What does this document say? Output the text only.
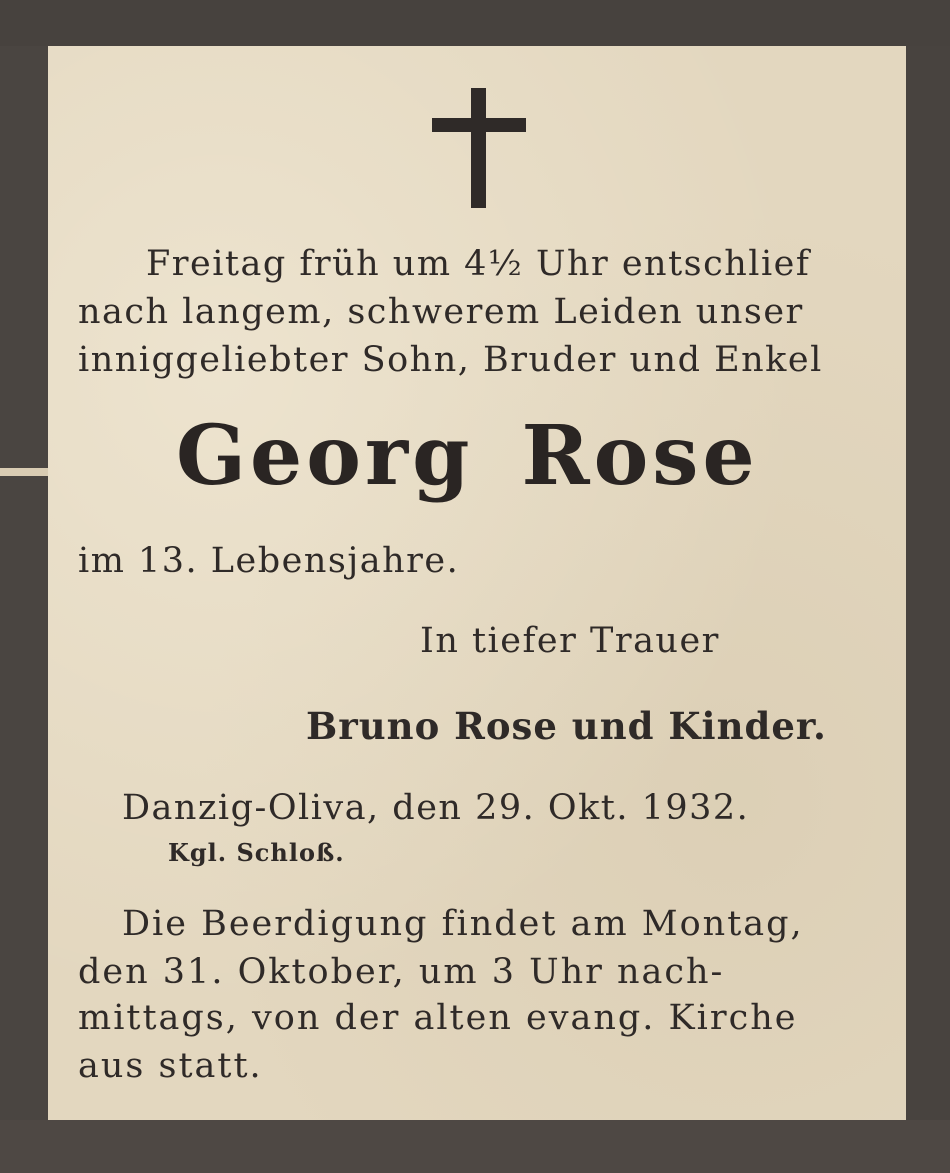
Freitag früh um 4½ Uhr entschlief
nach langem, schwerem Leiden unser
inniggeliebter Sohn, Bruder und Enkel
Georg Rose
im 13. Lebensjahre.
In tiefer Trauer
Bruno Rose und Kinder.
Danzig-Oliva, den 29. Okt. 1932.
Kgl. Schloß.
Die Beerdigung findet am Montag,
den 31. Oktober, um 3 Uhr nach-
mittags, von der alten evang. Kirche
aus statt.
